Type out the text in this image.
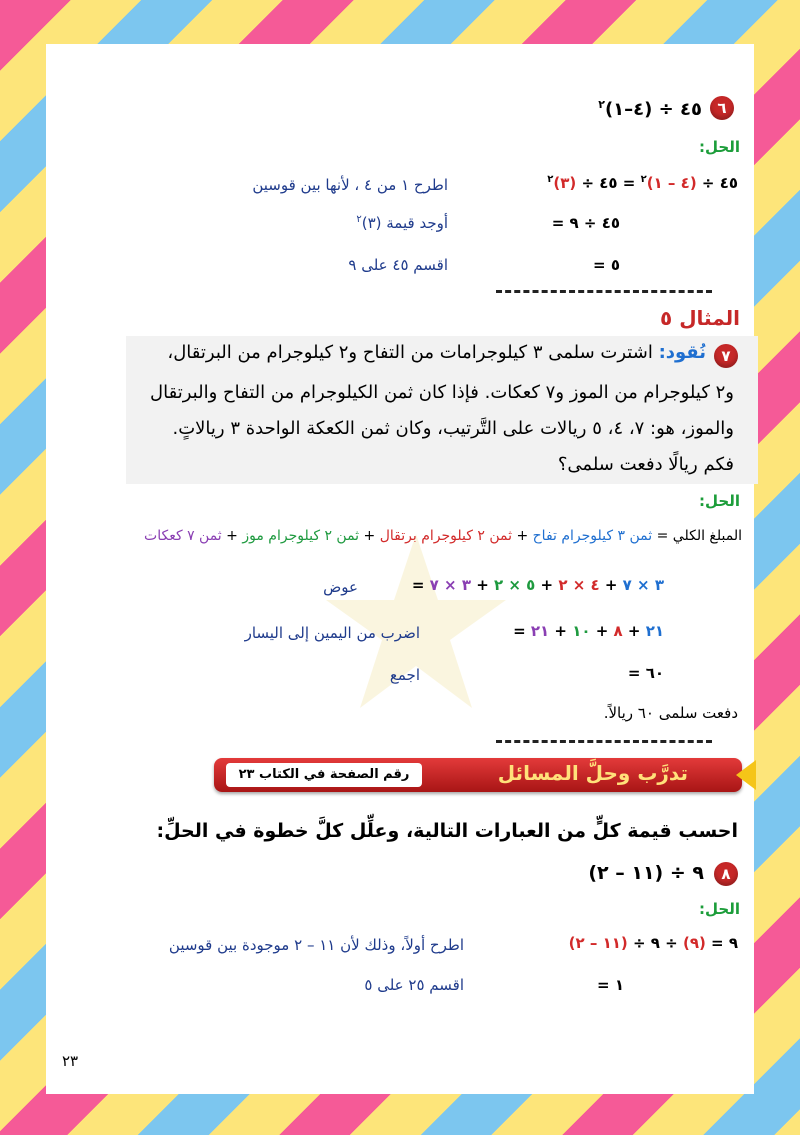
٦
٤٥ ÷ (٤–١)$^٢$
الحل:
٤٥ ÷ (٤ – ١)$^٢$ = ٤٥ ÷ (٣)$^٢$
اطرح ١ من ٤ ، لأنها بين قوسين
= ٤٥ ÷ ٩
أوجد قيمة (٣)$^٢$
= ٥
اقسم ٤٥ على ٩
المثال ٥
٧
نُقود: اشترت سلمى ٣ كيلوجرامات من التفاح و٢ كيلوجرام من البرتقال،
و٢ كيلوجرام من الموز و٧ كعكات. فإذا كان ثمن الكيلوجرام من التفاح والبرتقال
والموز، هو: ٧، ٤، ٥ ريالات على التَّرتيب، وكان ثمن الكعكة الواحدة ٣ ريالاتٍ.
فكم ريالًا دفعت سلمى؟
الحل:
المبلغ الكلي = ثمن ٣ كيلوجرام تفاح + ثمن ٢ كيلوجرام برتقال + ثمن ٢ كيلوجرام موز + ثمن ٧ كعكات
=	٣ × ٧ + ٤ × ٢ + ٥ × ٢ + ٣ × ٧
عوض
=	٢١ + ٨ + ١٠ + ٢١
اضرب من اليمين إلى اليسار
= ٦٠
اجمع
دفعت سلمى ٦٠ ريالاً.
تدرَّب وحلَّ المسائل
رقم الصفحة في الكتاب ٢٣
احسب قيمة كلٍّ من العبارات التالية، وعلِّل كلَّ خطوة في الحلِّ:
٨
(١١ – ٢) ÷ ٩
الحل:
(١١ – ٢) ÷ ٩ = (٩) ÷ ٩
اطرح أولاً، وذلك لأن ١١ – ٢ موجودة بين قوسين
= ١
اقسم ٢٥ على ٥
٢٣
